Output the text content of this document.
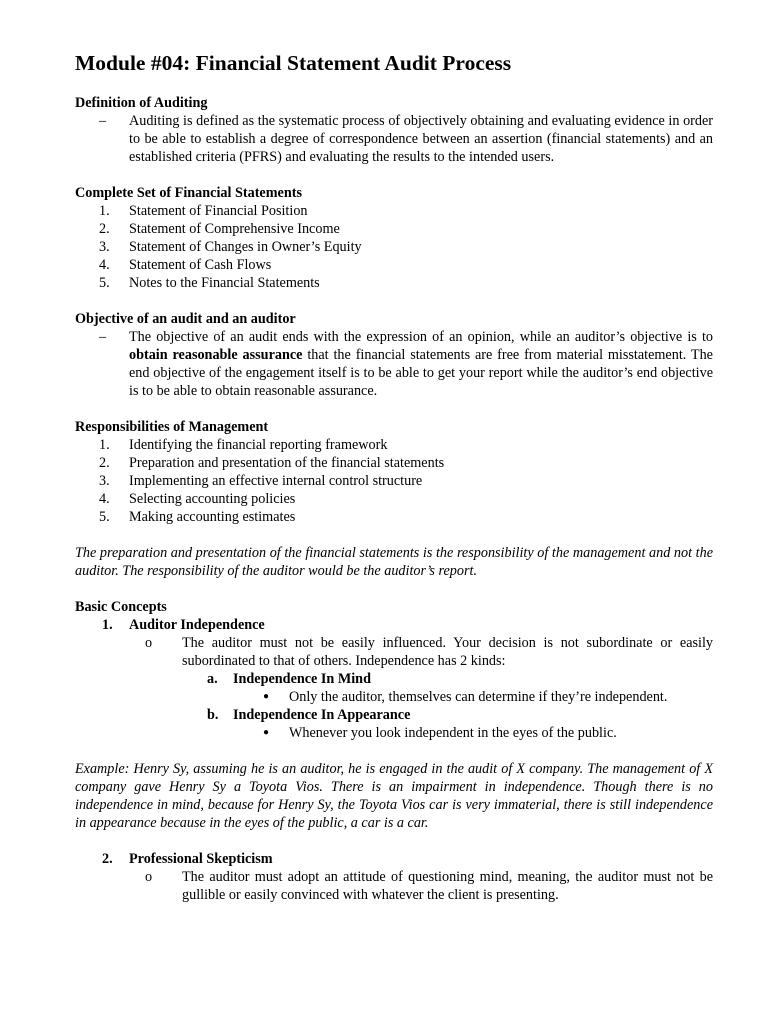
Module #04: Financial Statement Audit Process

Definition of Auditing

–	Auditing is defined as the systematic process of objectively obtaining and evaluating evidence in order to be able to establish a degree of correspondence between an assertion (financial statements) and an established criteria (PFRS) and evaluating the results to the intended users.

Complete Set of Financial Statements

1.	Statement of Financial Position
2.	Statement of Comprehensive Income
3.	Statement of Changes in Owner’s Equity
4.	Statement of Cash Flows
5.	Notes to the Financial Statements

Objective of an audit and an auditor

–	The objective of an audit ends with the expression of an opinion, while an auditor’s objective is to obtain reasonable assurance that the financial statements are free from material misstatement. The end objective of the engagement itself is to be able to get your report while the auditor’s end objective is to be able to obtain reasonable assurance.

Responsibilities of Management

1.	Identifying the financial reporting framework
2.	Preparation and presentation of the financial statements
3.	Implementing an effective internal control structure
4.	Selecting accounting policies
5.	Making accounting estimates

The preparation and presentation of the financial statements is the responsibility of the management and not the auditor. The responsibility of the auditor would be the auditor’s report.

Basic Concepts

1.	Auditor Independence
o	The auditor must not be easily influenced. Your decision is not subordinate or easily subordinated to that of others. Independence has 2 kinds:
a.	Independence In Mind
●	Only the auditor, themselves can determine if they’re independent.
b.	Independence In Appearance
●	Whenever you look independent in the eyes of the public.

Example: Henry Sy, assuming he is an auditor, he is engaged in the audit of X company. The management of X company gave Henry Sy a Toyota Vios. There is an impairment in independence. Though there is no independence in mind, because for Henry Sy, the Toyota Vios car is very immaterial, there is still independence in appearance because in the eyes of the public, a car is a car.

2.	Professional Skepticism
o	The auditor must adopt an attitude of questioning mind, meaning, the auditor must not be gullible or easily convinced with whatever the client is presenting.
